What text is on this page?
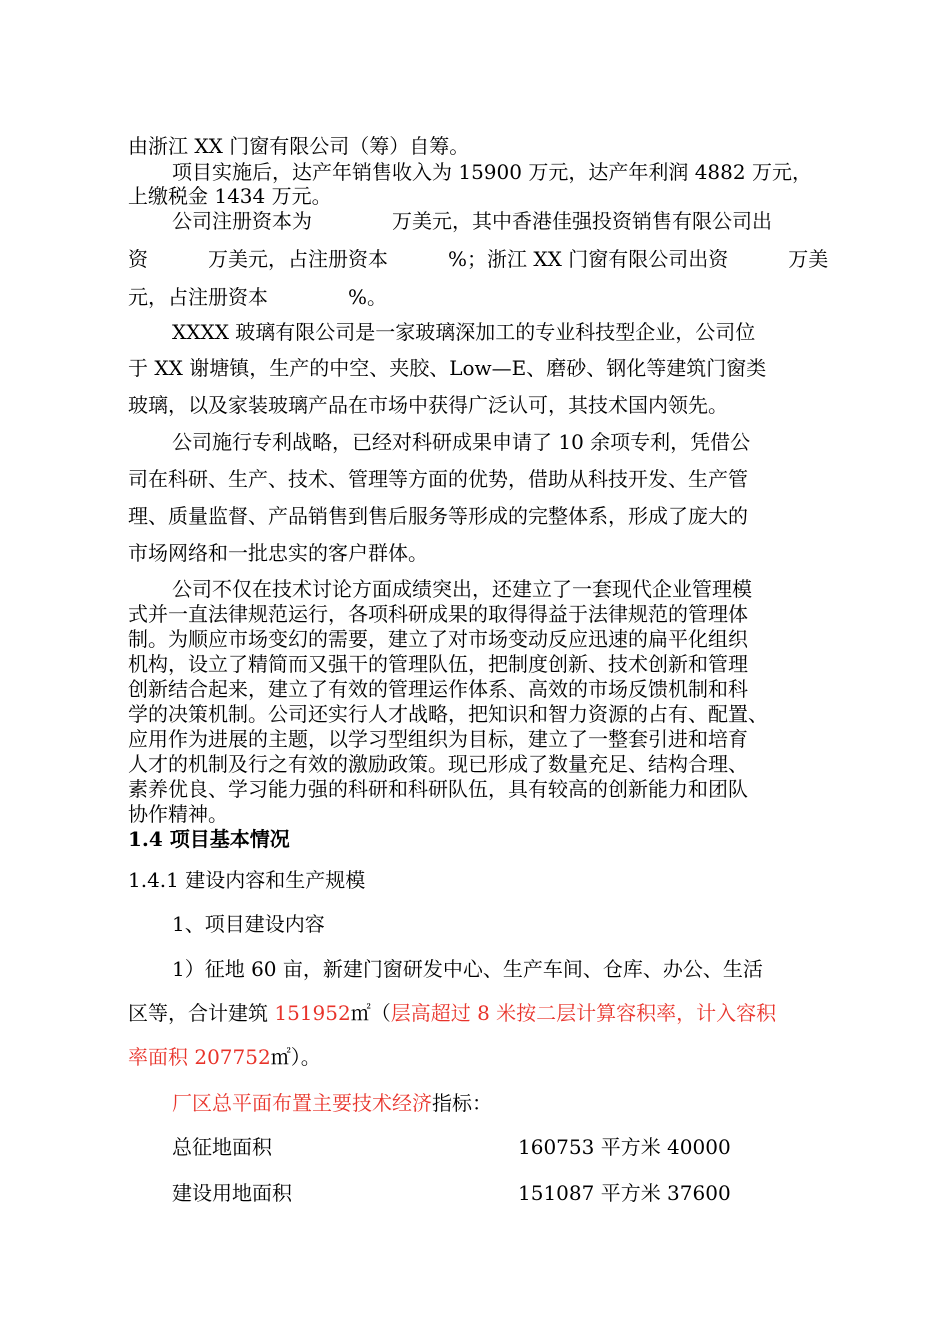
由浙江 XX 门窗有限公司（筹）自筹。
项目实施后，达产年销售收入为 15900 万元，达产年利润 4882 万元，
上缴税金 1434 万元。
公司注册资本为　　　　万美元，其中香港佳强投资销售有限公司出
资　　　万美元，占注册资本　　　%；浙江 XX 门窗有限公司出资　　　万美
元，占注册资本　　　　%。
XXXX 玻璃有限公司是一家玻璃深加工的专业科技型企业，公司位
于 XX 谢塘镇，生产的中空、夹胶、Low—E、磨砂、钢化等建筑门窗类
玻璃，以及家装玻璃产品在市场中获得广泛认可，其技术国内领先。
公司施行专利战略，已经对科研成果申请了 10 余项专利，凭借公
司在科研、生产、技术、管理等方面的优势，借助从科技开发、生产管
理、质量监督、产品销售到售后服务等形成的完整体系，形成了庞大的
市场网络和一批忠实的客户群体。
公司不仅在技术讨论方面成绩突出，还建立了一套现代企业管理模
式并一直法律规范运行，各项科研成果的取得得益于法律规范的管理体
制。为顺应市场变幻的需要，建立了对市场变动反应迅速的扁平化组织
机构，设立了精简而又强干的管理队伍，把制度创新、技术创新和管理
创新结合起来，建立了有效的管理运作体系、高效的市场反馈机制和科
学的决策机制。公司还实行人才战略，把知识和智力资源的占有、配置、
应用作为进展的主题，以学习型组织为目标，建立了一整套引进和培育
人才的机制及行之有效的激励政策。现已形成了数量充足、结构合理、
素养优良、学习能力强的科研和科研队伍，具有较高的创新能力和团队
协作精神。
1.4 项目基本情况
1.4.1 建设内容和生产规模
1、项目建设内容
1）征地 60 亩，新建门窗研发中心、生产车间、仓库、办公、生活
区等，合计建筑 151952㎡（层高超过 8 米按二层计算容积率，计入容积
率面积 207752㎡）。
厂区总平面布置主要技术经济指标：
总征地面积	160753 平方米 40000
建设用地面积	151087 平方米 37600
